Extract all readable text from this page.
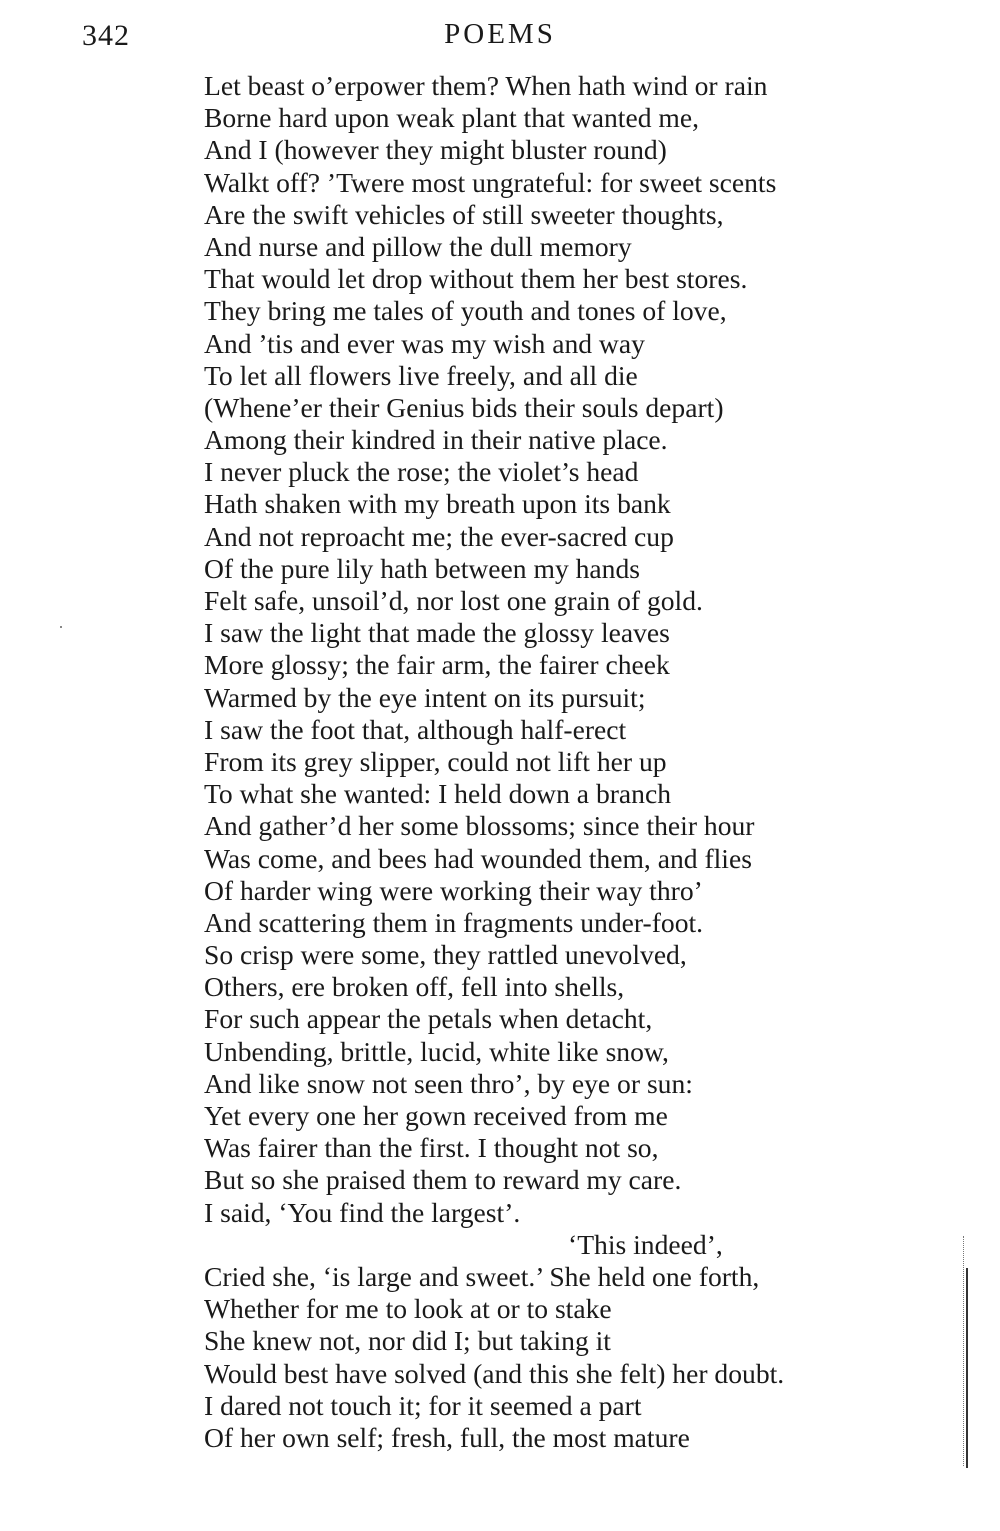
342	POEMS
Let beast o’erpower them? When hath wind or rain
Borne hard upon weak plant that wanted me,
And I (however they might bluster round)
Walkt off? ’Twere most ungrateful: for sweet scents
Are the swift vehicles of still sweeter thoughts,
And nurse and pillow the dull memory
That would let drop without them her best stores.
They bring me tales of youth and tones of love,
And ’tis and ever was my wish and way
To let all flowers live freely, and all die
(Whene’er their Genius bids their souls depart)
Among their kindred in their native place.
I never pluck the rose; the violet’s head
Hath shaken with my breath upon its bank
And not reproacht me; the ever-sacred cup
Of the pure lily hath between my hands
Felt safe, unsoil’d, nor lost one grain of gold.
I saw the light that made the glossy leaves
More glossy; the fair arm, the fairer cheek
Warmed by the eye intent on its pursuit;
I saw the foot that, although half-erect
From its grey slipper, could not lift her up
To what she wanted: I held down a branch
And gather’d her some blossoms; since their hour
Was come, and bees had wounded them, and flies
Of harder wing were working their way thro’
And scattering them in fragments under-foot.
So crisp were some, they rattled unevolved,
Others, ere broken off, fell into shells,
For such appear the petals when detacht,
Unbending, brittle, lucid, white like snow,
And like snow not seen thro’, by eye or sun:
Yet every one her gown received from me
Was fairer than the first. I thought not so,
But so she praised them to reward my care.
I said, ‘You find the largest’.
‘This indeed’,
Cried she, ‘is large and sweet.’ She held one forth,
Whether for me to look at or to stake
She knew not, nor did I; but taking it
Would best have solved (and this she felt) her doubt.
I dared not touch it; for it seemed a part
Of her own self; fresh, full, the most mature
